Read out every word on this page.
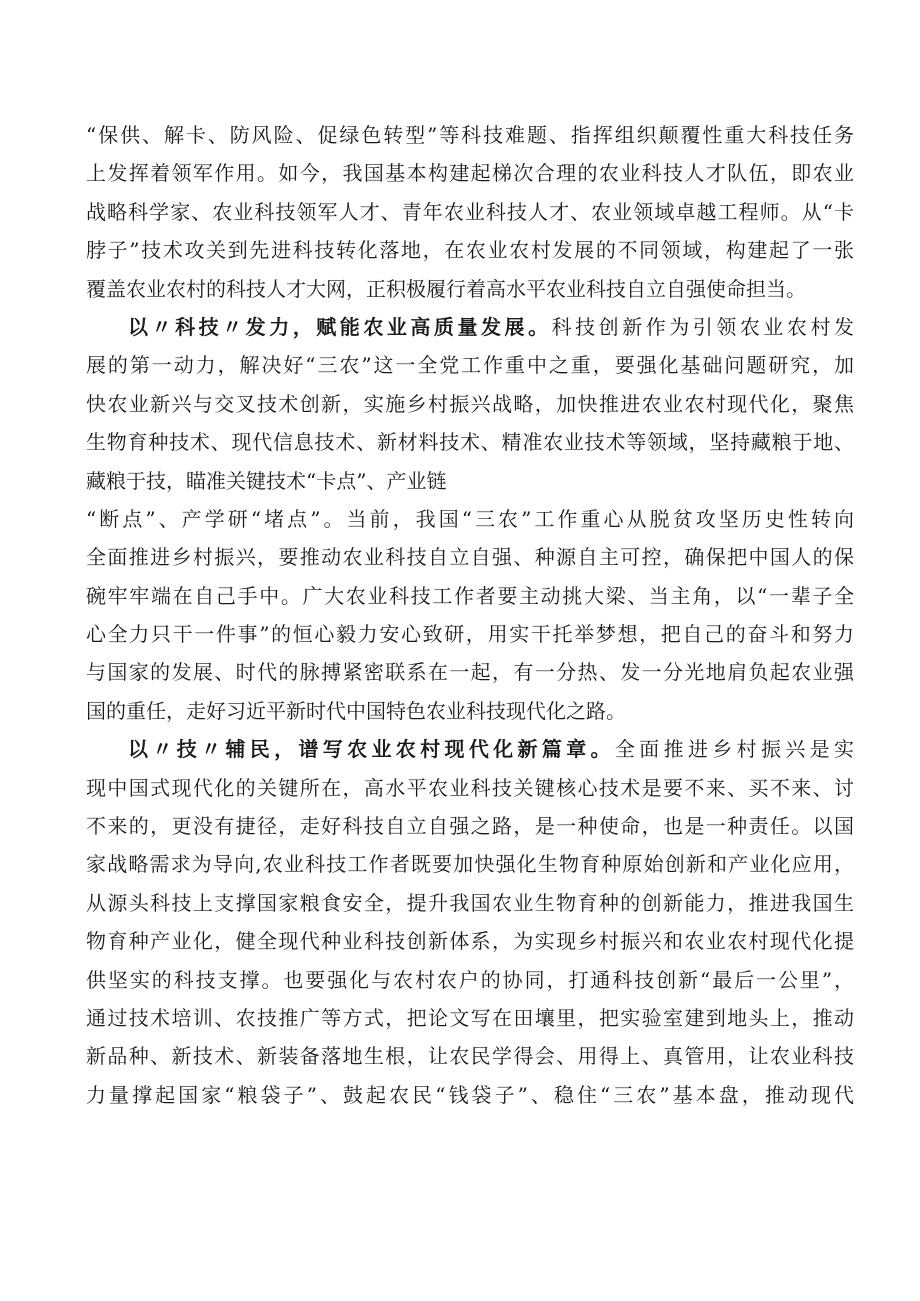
“保供、解卡、防风险、促绿色转型”等科技难题、指挥组织颠覆性重大科技任务
上发挥着领军作用。如今，我国基本构建起梯次合理的农业科技人才队伍，即农业
战略科学家、农业科技领军人才、青年农业科技人才、农业领域卓越工程师。从“卡
脖子”技术攻关到先进科技转化落地，在农业农村发展的不同领域，构建起了一张
覆盖农业农村的科技人才大网，正积极履行着高水平农业科技自立自强使命担当。
以〃科技〃发力，赋能农业高质量发展。科技创新作为引领农业农村发
展的第一动力，解决好“三农”这一全党工作重中之重，要强化基础问题研究，加
快农业新兴与交叉技术创新，实施乡村振兴战略，加快推进农业农村现代化，聚焦
生物育种技术、现代信息技术、新材料技术、精准农业技术等领域，坚持藏粮于地、
藏粮于技，瞄准关键技术“卡点”、产业链
“断点”、产学研“堵点”。当前，我国“三农”工作重心从脱贫攻坚历史性转向
全面推进乡村振兴，要推动农业科技自立自强、种源自主可控，确保把中国人的保
碗牢牢端在自己手中。广大农业科技工作者要主动挑大梁、当主角，以“一辈子全
心全力只干一件事”的恒心毅力安心致研，用实干托举梦想，把自己的奋斗和努力
与国家的发展、时代的脉搏紧密联系在一起，有一分热、发一分光地肩负起农业强
国的重任，走好习近平新时代中国特色农业科技现代化之路。
以〃技〃辅民，谱写农业农村现代化新篇章。全面推进乡村振兴是实
现中国式现代化的关键所在，高水平农业科技关键核心技术是要不来、买不来、讨
不来的，更没有捷径，走好科技自立自强之路，是一种使命，也是一种责任。以国
家战略需求为导向,农业科技工作者既要加快强化生物育种原始创新和产业化应用，
从源头科技上支撑国家粮食安全，提升我国农业生物育种的创新能力，推进我国生
物育种产业化，健全现代种业科技创新体系，为实现乡村振兴和农业农村现代化提
供坚实的科技支撑。也要强化与农村农户的协同，打通科技创新“最后一公里”，
通过技术培训、农技推广等方式，把论文写在田壤里，把实验室建到地头上，推动
新品种、新技术、新装备落地生根，让农民学得会、用得上、真管用，让农业科技
力量撑起国家“粮袋子”、鼓起农民“钱袋子”、稳住“三农”基本盘，推动现代
